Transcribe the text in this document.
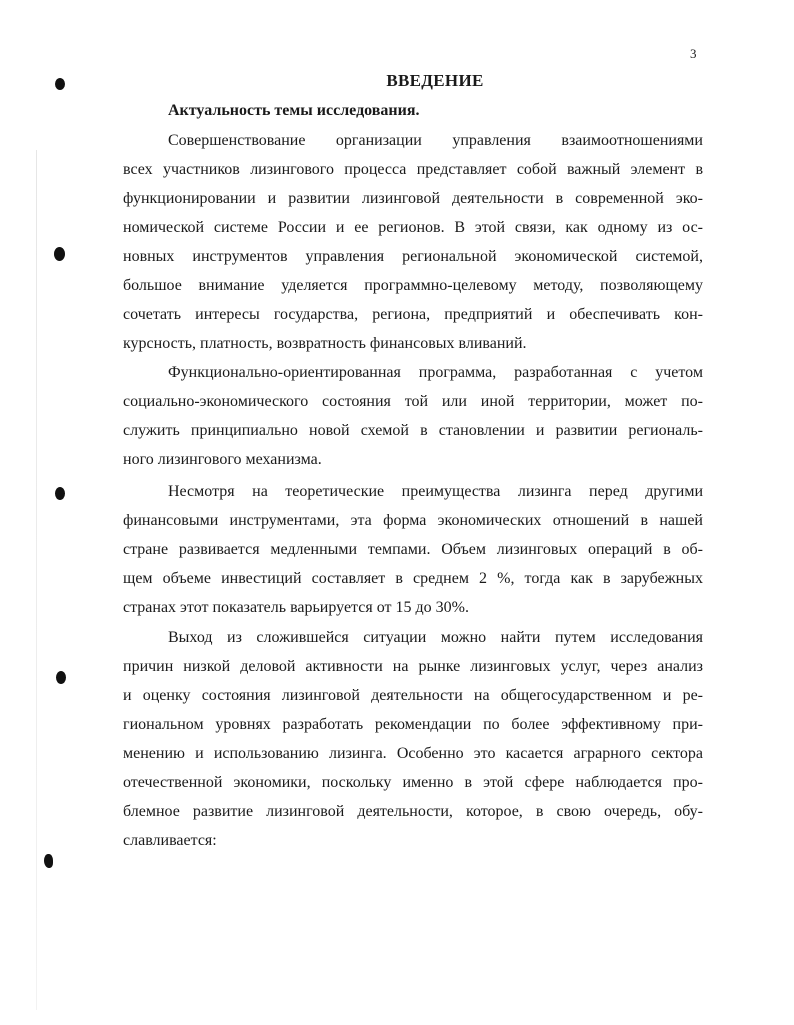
3
ВВЕДЕНИЕ
Актуальность темы исследования.
Совершенствование организации управления взаимоотношениями
всех участников лизингового процесса представляет собой важный элемент в
функционировании и развитии лизинговой деятельности в современной эко-
номической системе России и ее регионов. В этой связи, как одному из ос-
новных инструментов управления региональной экономической системой,
большое внимание уделяется программно-целевому методу, позволяющему
сочетать интересы государства, региона, предприятий и обеспечивать кон-
курсность, платность, возвратность финансовых вливаний.
Функционально-ориентированная программа, разработанная с учетом
социально-экономического состояния той или иной территории, может по-
служить принципиально новой схемой в становлении и развитии региональ-
ного лизингового механизма.
Несмотря на теоретические преимущества лизинга перед другими
финансовыми инструментами, эта форма экономических отношений в нашей
стране развивается медленными темпами. Объем лизинговых операций в об-
щем объеме инвестиций составляет в среднем 2 %, тогда как в зарубежных
странах этот показатель варьируется от 15 до 30%.
Выход из сложившейся ситуации можно найти путем исследования
причин низкой деловой активности на рынке лизинговых услуг, через анализ
и оценку состояния лизинговой деятельности на общегосударственном и ре-
гиональном уровнях разработать рекомендации по более эффективному при-
менению и использованию лизинга. Особенно это касается аграрного сектора
отечественной экономики, поскольку именно в этой сфере наблюдается про-
блемное развитие лизинговой деятельности, которое, в свою очередь, обу-
славливается:
